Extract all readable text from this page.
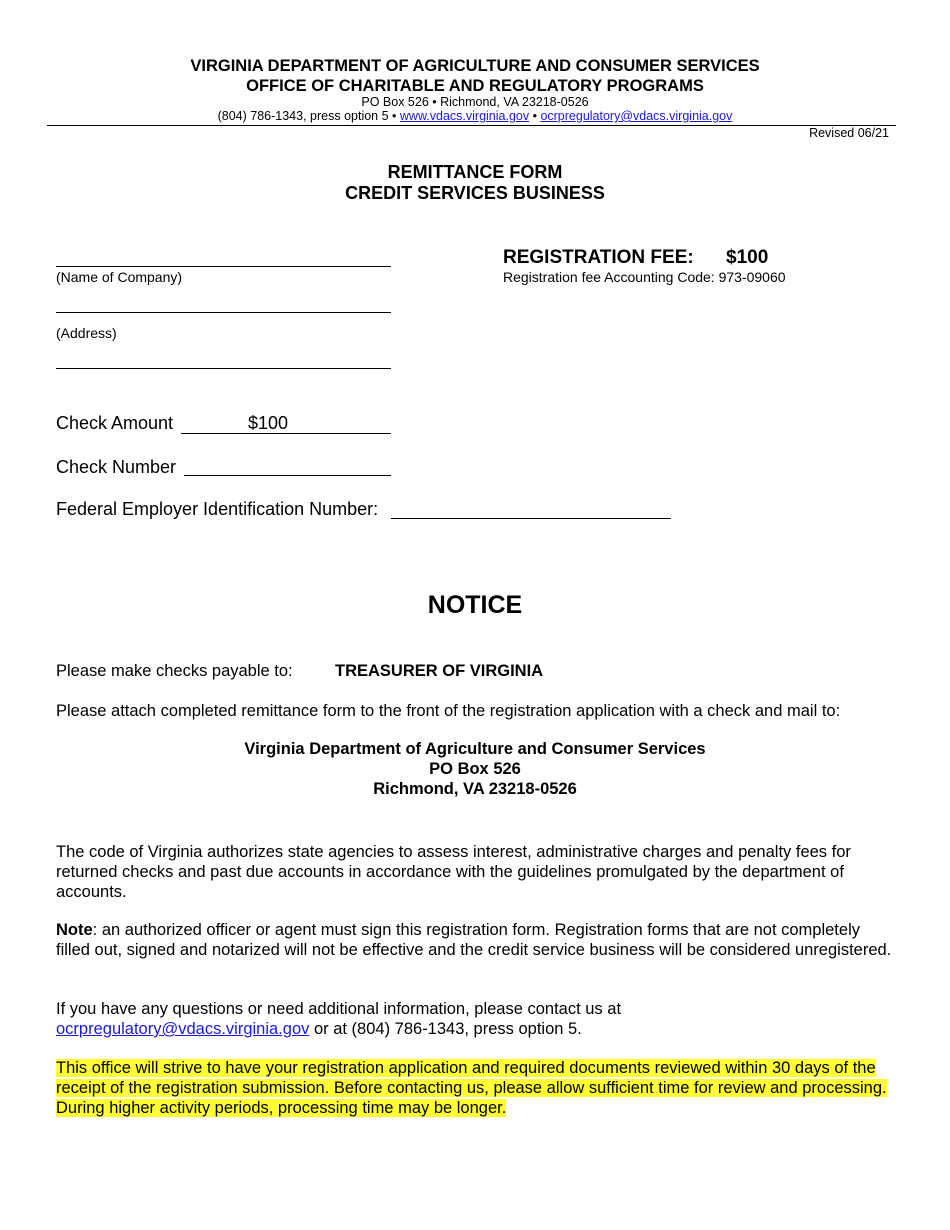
VIRGINIA DEPARTMENT OF AGRICULTURE AND CONSUMER SERVICES
OFFICE OF CHARITABLE AND REGULATORY PROGRAMS
PO Box 526 • Richmond, VA 23218-0526
(804) 786-1343, press option 5 • www.vdacs.virginia.gov • ocrpregulatory@vdacs.virginia.gov
Revised 06/21
REMITTANCE FORM
CREDIT SERVICES BUSINESS
REGISTRATION FEE: $100
Registration fee Accounting Code: 973-09060
(Name of Company)
(Address)
Check Amount	$100
Check Number
Federal Employer Identification Number:
NOTICE
Please make checks payable to:	TREASURER OF VIRGINIA
Please attach completed remittance form to the front of the registration application with a check and mail to:
Virginia Department of Agriculture and Consumer Services
PO Box 526
Richmond, VA 23218-0526
The code of Virginia authorizes state agencies to assess interest, administrative charges and penalty fees for returned checks and past due accounts in accordance with the guidelines promulgated by the department of accounts.
Note: an authorized officer or agent must sign this registration form. Registration forms that are not completely filled out, signed and notarized will not be effective and the credit service business will be considered unregistered.
If you have any questions or need additional information, please contact us at
ocrpregulatory@vdacs.virginia.gov or at (804) 786-1343, press option 5.
This office will strive to have your registration application and required documents reviewed within 30 days of the receipt of the registration submission. Before contacting us, please allow sufficient time for review and processing. During higher activity periods, processing time may be longer.
